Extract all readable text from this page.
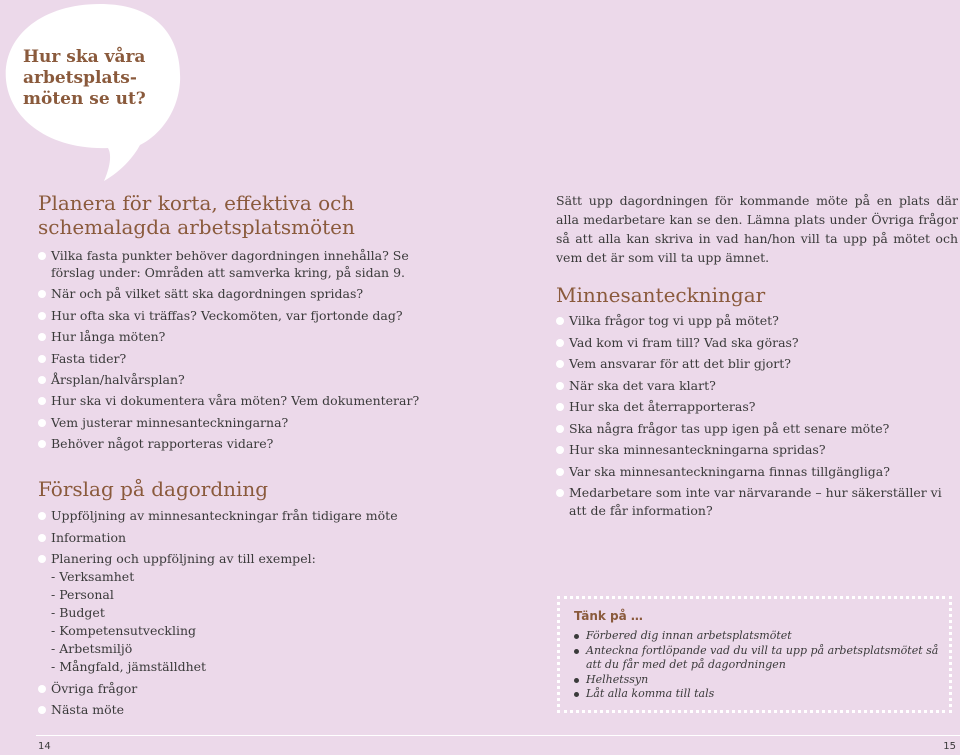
Hur ska våra
arbetsplats-
möten se ut?
Planera för korta, effektiva och schemalagda arbetsplatsmöten
Vilka fasta punkter behöver dagordningen innehålla? Se förslag under: Områden att samverka kring, på sidan 9.
När och på vilket sätt ska dagordningen spridas?
Hur ofta ska vi träffas? Veckomöten, var fjortonde dag?
Hur långa möten?
Fasta tider?
Årsplan/halvårsplan?
Hur ska vi dokumentera våra möten? Vem dokumenterar?
Vem justerar minnesanteckningarna?
Behöver något rapporteras vidare?
Förslag på dagordning
Uppföljning av minnesanteckningar från tidigare möte
Information
Planering och uppföljning av till exempel:
- Verksamhet
- Personal
- Budget
- Kompetensutveckling
- Arbetsmiljö
- Mångfald, jämställdhet
Övriga frågor
Nästa möte

Sätt upp dagordningen för kommande möte på en plats där alla medarbetare kan se den. Lämna plats under Övriga frågor så att alla kan skriva in vad han/hon vill ta upp på mötet och vem det är som vill ta upp ämnet.

Minnesanteckningar
Vilka frågor tog vi upp på mötet?
Vad kom vi fram till? Vad ska göras?
Vem ansvarar för att det blir gjort?
När ska det vara klart?
Hur ska det återrapporteras?
Ska några frågor tas upp igen på ett senare möte?
Hur ska minnesanteckningarna spridas?
Var ska minnesanteckningarna finnas tillgängliga?
Medarbetare som inte var närvarande – hur säkerställer vi att de får information?
Tänk på …
Förbered dig innan arbetsplatsmötet
Anteckna fortlöpande vad du vill ta upp på arbetsplatsmötet så att du får med det på dagordningen
Helhetssyn
Låt alla komma till tals
14	15
